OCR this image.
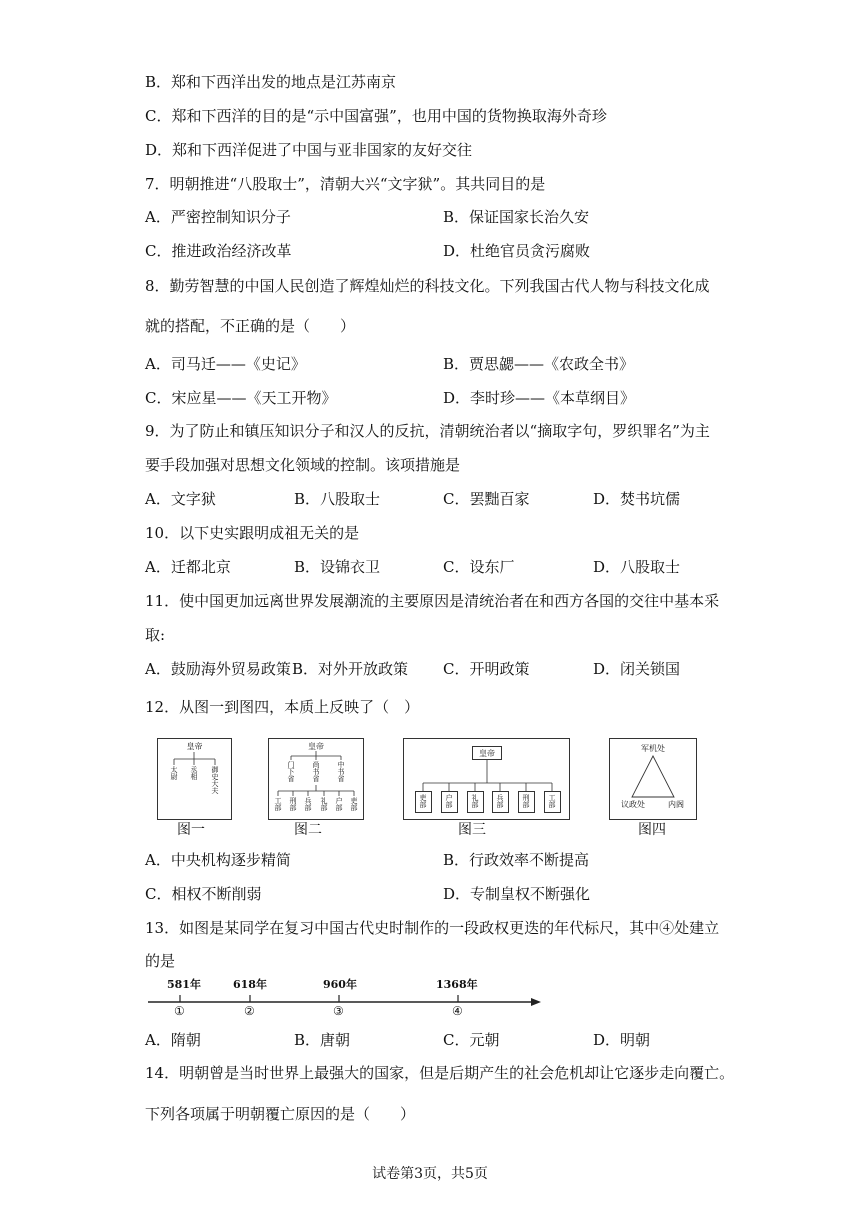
B．郑和下西洋出发的地点是江苏南京
C．郑和下西洋的目的是“示中国富强”，也用中国的货物换取海外奇珍
D．郑和下西洋促进了中国与亚非国家的友好交往
7．明朝推进“八股取士”，清朝大兴“文字狱”。其共同目的是
A．严密控制知识分子	B．保证国家长治久安
C．推进政治经济改革	D．杜绝官员贪污腐败
8．勤劳智慧的中国人民创造了辉煌灿烂的科技文化。下列我国古代人物与科技文化成
就的搭配，不正确的是（　　）
A．司马迁——《史记》	B．贾思勰——《农政全书》
C．宋应星——《天工开物》	D．李时珍——《本草纲目》
9．为了防止和镇压知识分子和汉人的反抗，清朝统治者以“摘取字句，罗织罪名”为主
要手段加强对思想文化领域的控制。该项措施是
A．文字狱	B．八股取士	C．罢黜百家	D．焚书坑儒
10．以下史实跟明成祖无关的是
A．迁都北京	B．设锦衣卫	C．设东厂	D．八股取士
11．使中国更加远离世界发展潮流的主要原因是清统治者在和西方各国的交往中基本采
取:
A．鼓励海外贸易政策 B．对外开放政策 C．开明政策	D．闭关锁国
12．从图一到图四，本质上反映了（　）
皇帝
太尉 丞相 御史大夫
图一
皇帝
门下省 尚书省 中书省
工部 刑部 兵部 礼部 户部 吏部
图二
皇帝
吏部	户部	礼部 兵部	刑部	工部
图三
军机处
议政处	内阁
图四
A．中央机构逐步精简	B．行政效率不断提高
C．相权不断削弱	D．专制皇权不断强化
13．如图是某同学在复习中国古代史时制作的一段政权更迭的年代标尺，其中④处建立
的是
581年	618年	960年	1368年
①	②	③	④
A．隋朝	B．唐朝	C．元朝	D．明朝
14．明朝曾是当时世界上最强大的国家，但是后期产生的社会危机却让它逐步走向覆亡。
下列各项属于明朝覆亡原因的是（　　）
试卷第3页，共5页
